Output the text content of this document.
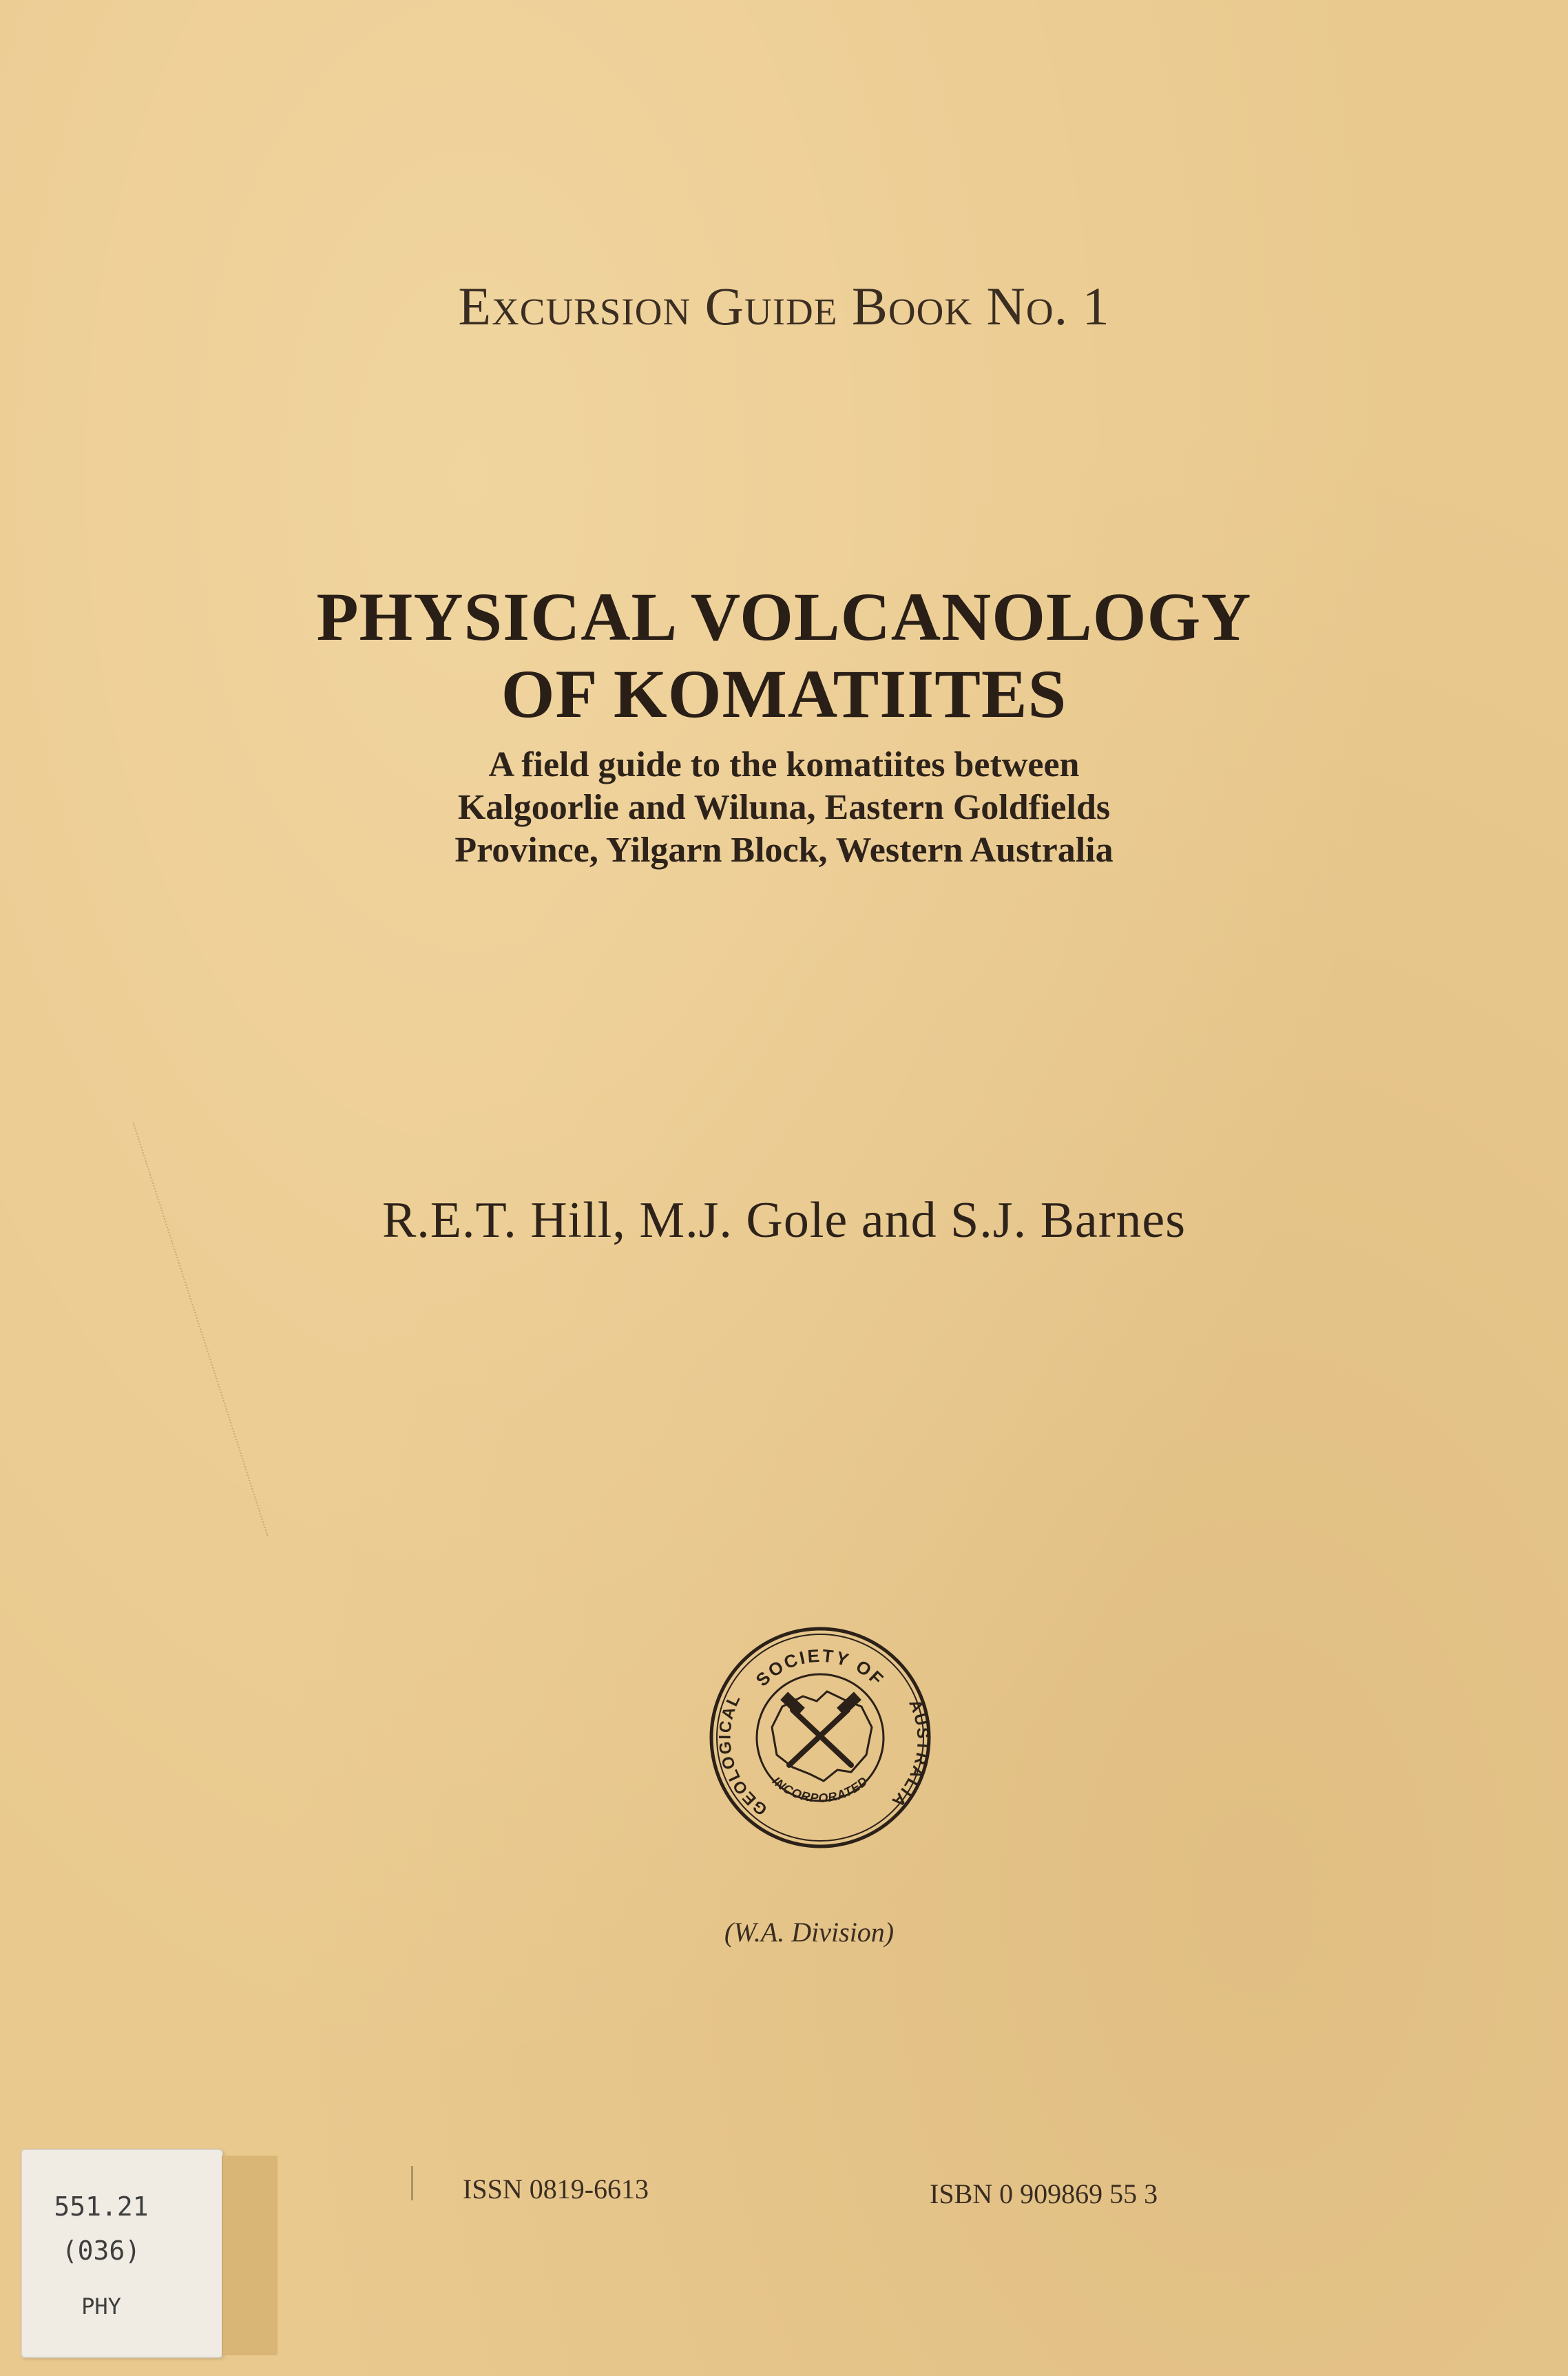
Excursion Guide Book No. 1
PHYSICAL VOLCANOLOGY
OF KOMATIITES
A field guide to the komatiites between
Kalgoorlie and Wiluna, Eastern Goldfields
Province, Yilgarn Block, Western Australia
R.E.T. Hill, M.J. Gole and S.J. Barnes
SOCIETY OF
GEOLOGICAL	AUSTRALIA
INCORPORATED
(W.A. Division)
ISSN 0819-6613	ISBN 0 909869 55 3
551.21
(036)
PHY
